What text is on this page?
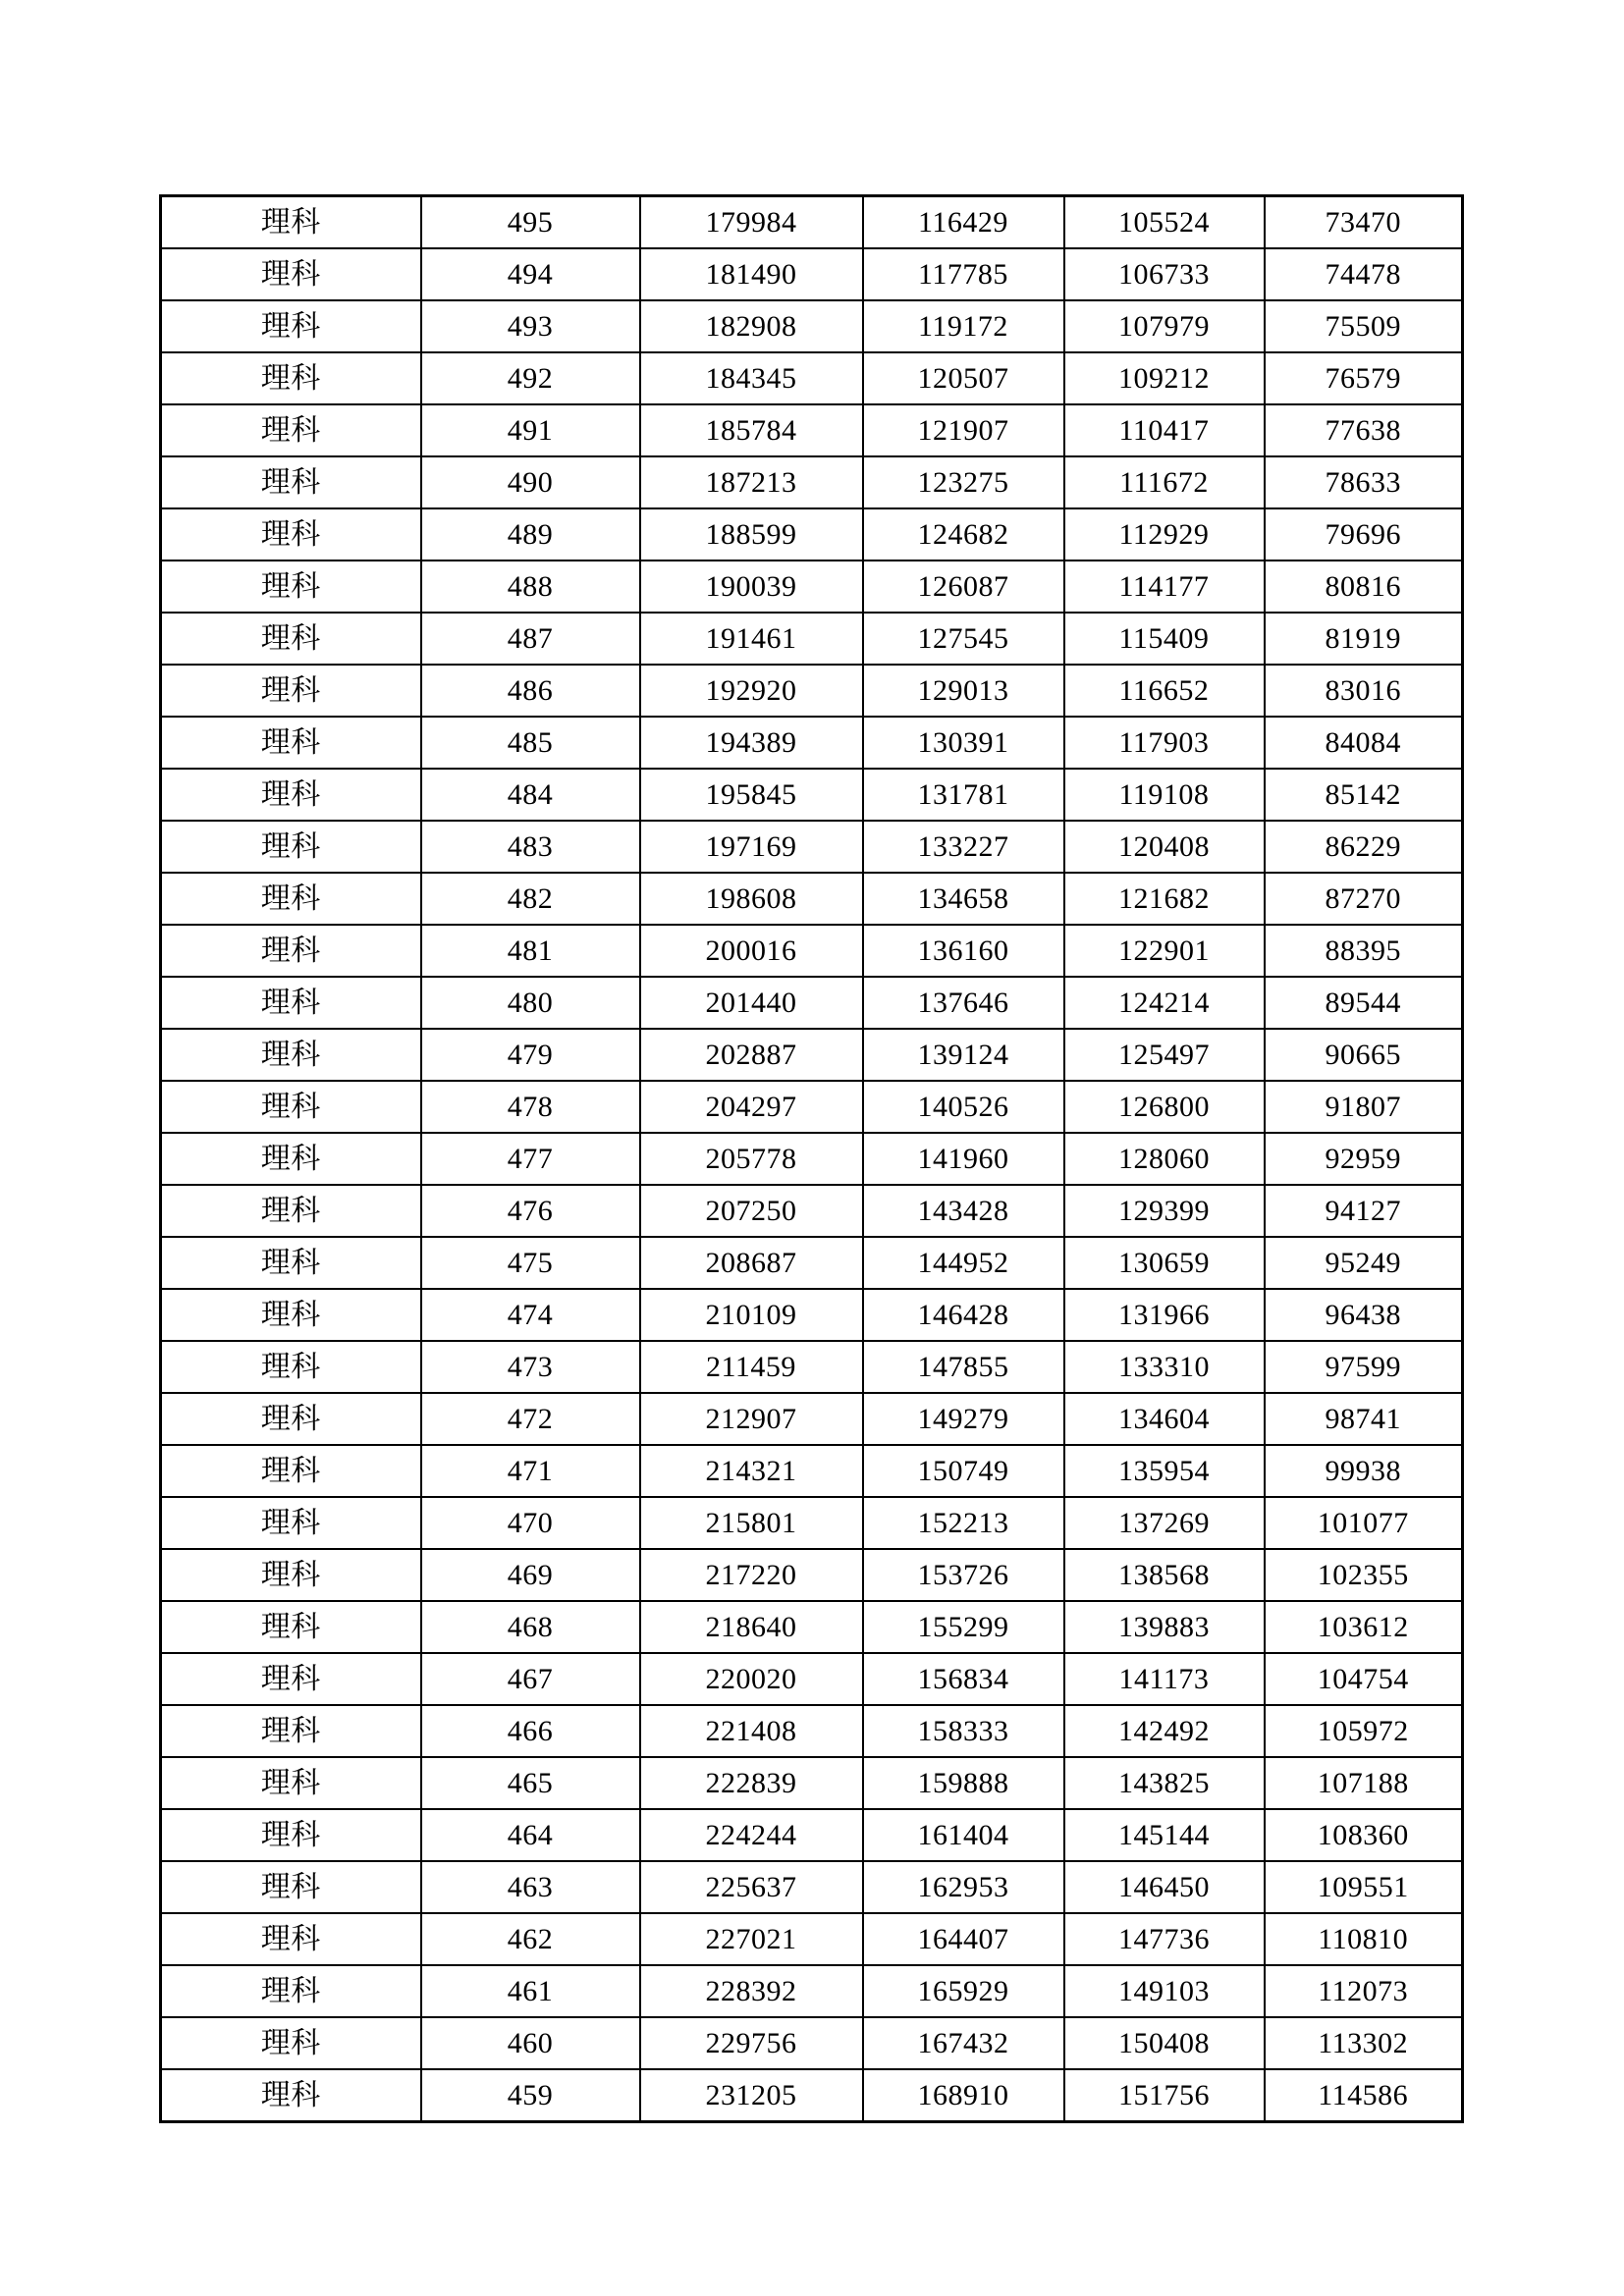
理科	495	179984	116429	105524	73470
理科	494	181490	117785	106733	74478
理科	493	182908	119172	107979	75509
理科	492	184345	120507	109212	76579
理科	491	185784	121907	110417	77638
理科	490	187213	123275	111672	78633
理科	489	188599	124682	112929	79696
理科	488	190039	126087	114177	80816
理科	487	191461	127545	115409	81919
理科	486	192920	129013	116652	83016
理科	485	194389	130391	117903	84084
理科	484	195845	131781	119108	85142
理科	483	197169	133227	120408	86229
理科	482	198608	134658	121682	87270
理科	481	200016	136160	122901	88395
理科	480	201440	137646	124214	89544
理科	479	202887	139124	125497	90665
理科	478	204297	140526	126800	91807
理科	477	205778	141960	128060	92959
理科	476	207250	143428	129399	94127
理科	475	208687	144952	130659	95249
理科	474	210109	146428	131966	96438
理科	473	211459	147855	133310	97599
理科	472	212907	149279	134604	98741
理科	471	214321	150749	135954	99938
理科	470	215801	152213	137269	101077
理科	469	217220	153726	138568	102355
理科	468	218640	155299	139883	103612
理科	467	220020	156834	141173	104754
理科	466	221408	158333	142492	105972
理科	465	222839	159888	143825	107188
理科	464	224244	161404	145144	108360
理科	463	225637	162953	146450	109551
理科	462	227021	164407	147736	110810
理科	461	228392	165929	149103	112073
理科	460	229756	167432	150408	113302
理科	459	231205	168910	151756	114586
